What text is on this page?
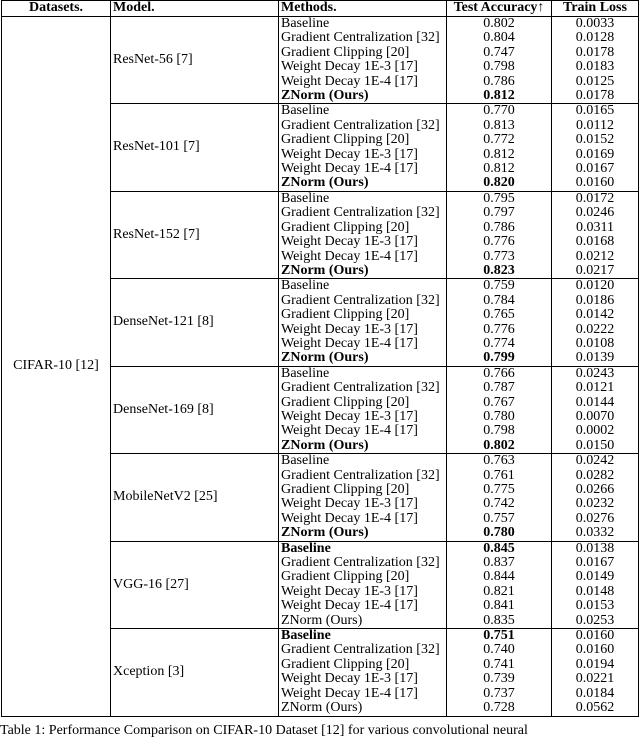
Datasets.	Model.	Methods.	Test Accuracy↑	Train Loss
CIFAR-10 [12]	ResNet-56 [7]	Baseline	0.802	0.0033
		Gradient Centralization [32]	0.804	0.0128
		Gradient Clipping [20]	0.747	0.0178
		Weight Decay 1E-3 [17]	0.798	0.0183
		Weight Decay 1E-4 [17]	0.786	0.0125
		ZNorm (Ours)	0.812	0.0178
	ResNet-101 [7]	Baseline	0.770	0.0165
		Gradient Centralization [32]	0.813	0.0112
		Gradient Clipping [20]	0.772	0.0152
		Weight Decay 1E-3 [17]	0.812	0.0169
		Weight Decay 1E-4 [17]	0.812	0.0167
		ZNorm (Ours)	0.820	0.0160
	ResNet-152 [7]	Baseline	0.795	0.0172
		Gradient Centralization [32]	0.797	0.0246
		Gradient Clipping [20]	0.786	0.0311
		Weight Decay 1E-3 [17]	0.776	0.0168
		Weight Decay 1E-4 [17]	0.773	0.0212
		ZNorm (Ours)	0.823	0.0217
	DenseNet-121 [8]	Baseline	0.759	0.0120
		Gradient Centralization [32]	0.784	0.0186
		Gradient Clipping [20]	0.765	0.0142
		Weight Decay 1E-3 [17]	0.776	0.0222
		Weight Decay 1E-4 [17]	0.774	0.0108
		ZNorm (Ours)	0.799	0.0139
	DenseNet-169 [8]	Baseline	0.766	0.0243
		Gradient Centralization [32]	0.787	0.0121
		Gradient Clipping [20]	0.767	0.0144
		Weight Decay 1E-3 [17]	0.780	0.0070
		Weight Decay 1E-4 [17]	0.798	0.0002
		ZNorm (Ours)	0.802	0.0150
	MobileNetV2 [25]	Baseline	0.763	0.0242
		Gradient Centralization [32]	0.761	0.0282
		Gradient Clipping [20]	0.775	0.0266
		Weight Decay 1E-3 [17]	0.742	0.0232
		Weight Decay 1E-4 [17]	0.757	0.0276
		ZNorm (Ours)	0.780	0.0332
	VGG-16 [27]	Baseline	0.845	0.0138
		Gradient Centralization [32]	0.837	0.0167
		Gradient Clipping [20]	0.844	0.0149
		Weight Decay 1E-3 [17]	0.821	0.0148
		Weight Decay 1E-4 [17]	0.841	0.0153
		ZNorm (Ours)	0.835	0.0253
	Xception [3]	Baseline	0.751	0.0160
		Gradient Centralization [32]	0.740	0.0160
		Gradient Clipping [20]	0.741	0.0194
		Weight Decay 1E-3 [17]	0.739	0.0221
		Weight Decay 1E-4 [17]	0.737	0.0184
		ZNorm (Ours)	0.728	0.0562
Table 1: Performance Comparison on CIFAR-10 Dataset [12] for various convolutional neural
